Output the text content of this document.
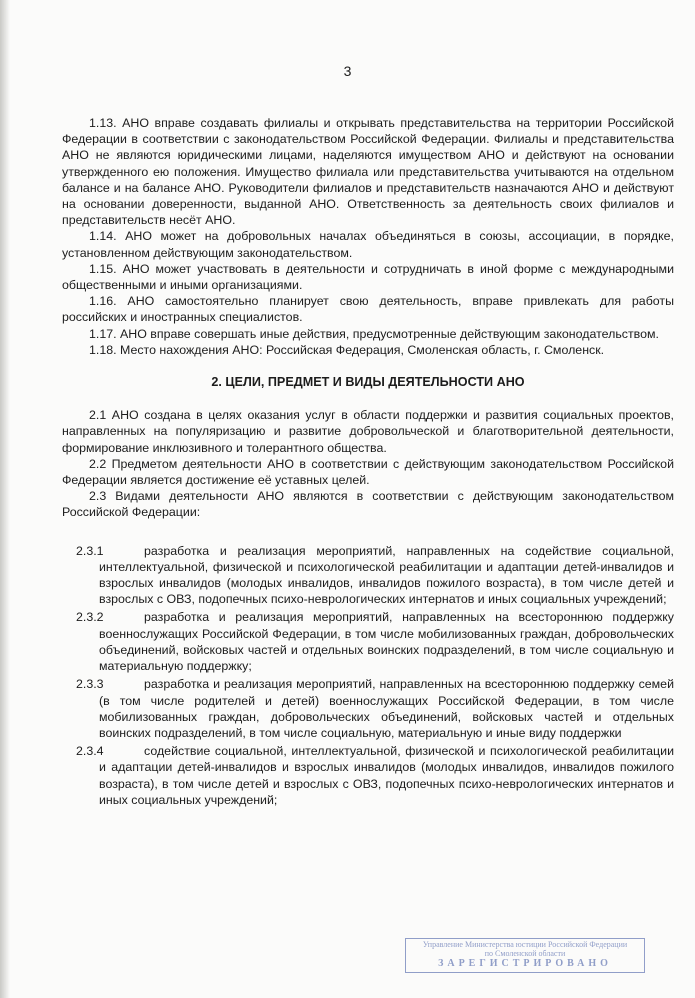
3

1.13. АНО вправе создавать филиалы и открывать представительства на территории Российской Федерации в соответствии с законодательством Российской Федерации. Филиалы и представительства АНО не являются юридическими лицами, наделяются имуществом АНО и действуют на основании утвержденного ею положения. Имущество филиала или представительства учитываются на отдельном балансе и на балансе АНО. Руководители филиалов и представительств назначаются АНО и действуют на основании доверенности, выданной АНО. Ответственность за деятельность своих филиалов и представительств несёт АНО.

1.14. АНО может на добровольных началах объединяться в союзы, ассоциации, в порядке, установленном действующим законодательством.

1.15. АНО может участвовать в деятельности и сотрудничать в иной форме с международными общественными и иными организациями.

1.16. АНО самостоятельно планирует свою деятельность, вправе привлекать для работы российских и иностранных специалистов.

1.17. АНО вправе совершать иные действия, предусмотренные действующим законодательством.

1.18. Место нахождения АНО: Российская Федерация, Смоленская область, г. Смоленск.

2. ЦЕЛИ, ПРЕДМЕТ И ВИДЫ ДЕЯТЕЛЬНОСТИ АНО

2.1 АНО создана в целях оказания услуг в области поддержки и развития социальных проектов, направленных на популяризацию и развитие добровольческой и благотворительной деятельности, формирование инклюзивного и толерантного общества.

2.2 Предметом деятельности АНО в соответствии с действующим законодательством Российской Федерации является достижение её уставных целей.

2.3 Видами деятельности АНО являются в соответствии с действующим законодательством Российской Федерации:

2.3.1	разработка и реализация мероприятий, направленных на содействие социальной, интеллектуальной, физической и психологической реабилитации и адаптации детей-инвалидов и взрослых инвалидов (молодых инвалидов, инвалидов пожилого возраста), в том числе детей и взрослых с ОВЗ, подопечных психо-неврологических интернатов и иных социальных учреждений;
2.3.2	разработка и реализация мероприятий, направленных на всестороннюю поддержку военнослужащих Российской Федерации, в том числе мобилизованных граждан, добровольческих объединений, войсковых частей и отдельных воинских подразделений, в том числе социальную и материальную поддержку;
2.3.3	разработка и реализация мероприятий, направленных на всестороннюю поддержку семей (в том числе родителей и детей) военнослужащих Российской Федерации, в том числе мобилизованных граждан, добровольческих объединений, войсковых частей и отдельных воинских подразделений, в том числе социальную, материальную и иные виду поддержки
2.3.4	содействие социальной, интеллектуальной, физической и психологической реабилитации и адаптации детей-инвалидов и взрослых инвалидов (молодых инвалидов, инвалидов пожилого возраста), в том числе детей и взрослых с ОВЗ, подопечных психо-неврологических интернатов и иных социальных учреждений;
Управление Министерства юстиции Российской Федерации
по Смоленской области
ЗАРЕГИСТРИРОВАНО
